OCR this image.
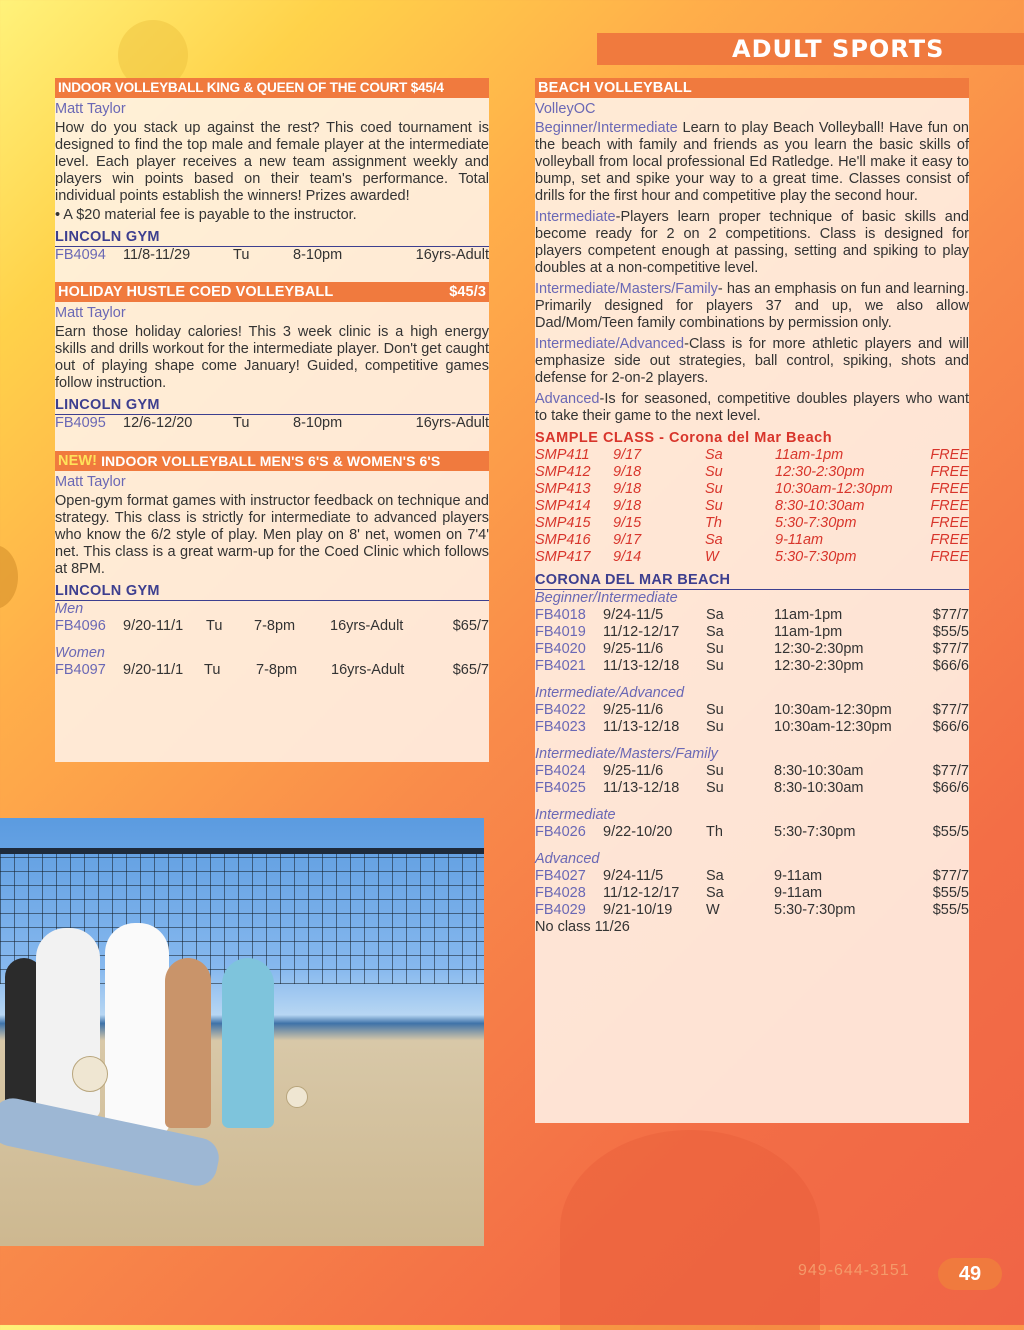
ADULT SPORTS
INDOOR VOLLEYBALL KING & QUEEN OF THE COURT $45/4
Matt Taylor

How do you stack up against the rest? This coed tournament is designed to find the top male and female player at the intermediate level. Each player receives a new team assignment weekly and players win points based on their team's performance. Total individual points establish the winners! Prizes awarded!

• A $20 material fee is payable to the instructor.
LINCOLN GYM
FB4094	11/8-11/29	Tu	8-10pm	16yrs-Adult
HOLIDAY HUSTLE COED VOLLEYBALL	$45/3
Matt Taylor

Earn those holiday calories! This 3 week clinic is a high energy skills and drills workout for the intermediate player. Don't get caught out of playing shape come January! Guided, competitive games follow instruction.

LINCOLN GYM
FB4095	12/6-12/20	Tu	8-10pm	16yrs-Adult
NEW! INDOOR VOLLEYBALL MEN'S 6'S & WOMEN'S 6'S
Matt Taylor

Open-gym format games with instructor feedback on technique and strategy. This class is strictly for intermediate to advanced players who know the 6/2 style of play. Men play on 8' net, women on 7'4' net. This class is a great warm-up for the Coed Clinic which follows at 8PM.

LINCOLN GYM
Men
FB4096	9/20-11/1	Tu	7-8pm	16yrs-Adult	$65/7
Women
FB4097	9/20-11/1	Tu	7-8pm	16yrs-Adult	$65/7
BEACH VOLLEYBALL
VolleyOC

Beginner/Intermediate Learn to play Beach Volleyball! Have fun on the beach with family and friends as you learn the basic skills of volleyball from local professional Ed Ratledge. He'll make it easy to bump, set and spike your way to a great time. Classes consist of drills for the first hour and competitive play the second hour.

Intermediate-Players learn proper technique of basic skills and become ready for 2 on 2 competitions. Class is designed for players competent enough at passing, setting and spiking to play doubles at a non-competitive level.

Intermediate/Masters/Family- has an emphasis on fun and learning. Primarily designed for players 37 and up, we also allow Dad/Mom/Teen family combinations by permission only.

Intermediate/Advanced-Class is for more athletic players and will emphasize side out strategies, ball control, spiking, shots and defense for 2-on-2 players.

Advanced-Is for seasoned, competitive doubles players who want to take their game to the next level.

SAMPLE CLASS - Corona del Mar Beach
SMP411	9/17	Sa	11am-1pm	FREE
SMP412	9/18	Su	12:30-2:30pm	FREE
SMP413	9/18	Su	10:30am-12:30pm	FREE
SMP414	9/18	Su	8:30-10:30am	FREE
SMP415	9/15	Th	5:30-7:30pm	FREE
SMP416	9/17	Sa	9-11am	FREE
SMP417	9/14	W	5:30-7:30pm	FREE
CORONA DEL MAR BEACH
Beginner/Intermediate
FB4018	9/24-11/5	Sa	11am-1pm	$77/7
FB4019	11/12-12/17	Sa	11am-1pm	$55/5
FB4020	9/25-11/6	Su	12:30-2:30pm	$77/7
FB4021	11/13-12/18	Su	12:30-2:30pm	$66/6
Intermediate/Advanced
FB4022	9/25-11/6	Su	10:30am-12:30pm	$77/7
FB4023	11/13-12/18	Su	10:30am-12:30pm	$66/6
Intermediate/Masters/Family
FB4024	9/25-11/6	Su	8:30-10:30am	$77/7
FB4025	11/13-12/18	Su	8:30-10:30am	$66/6
Intermediate
FB4026	9/22-10/20	Th	5:30-7:30pm	$55/5
Advanced
FB4027	9/24-11/5	Sa	9-11am	$77/7
FB4028	11/12-12/17	Sa	9-11am	$55/5
FB4029	9/21-10/19	W	5:30-7:30pm	$55/5
No class 11/26
949-644-3151	49
